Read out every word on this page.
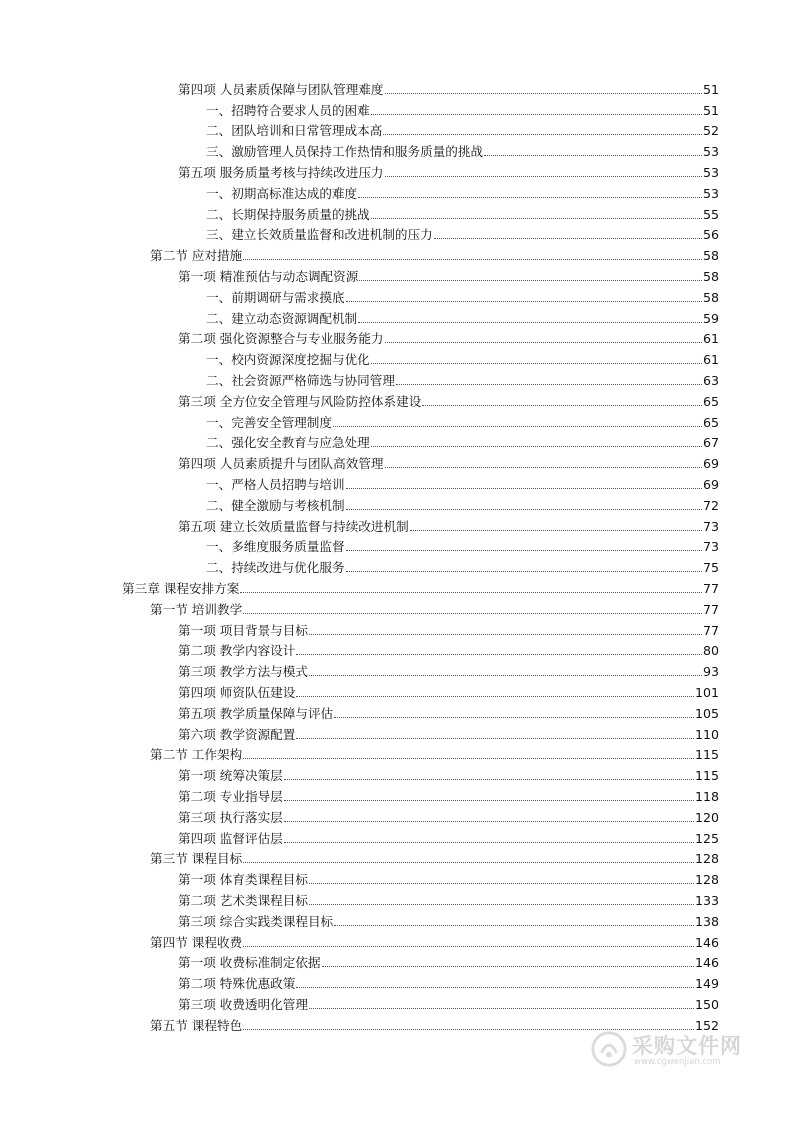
第四项 人员素质保障与团队管理难度	51
一、招聘符合要求人员的困难	51
二、团队培训和日常管理成本高	52
三、激励管理人员保持工作热情和服务质量的挑战	53
第五项 服务质量考核与持续改进压力	53
一、初期高标准达成的难度	53
二、长期保持服务质量的挑战	55
三、建立长效质量监督和改进机制的压力	56
第二节 应对措施	58
第一项 精准预估与动态调配资源	58
一、前期调研与需求摸底	58
二、建立动态资源调配机制	59
第二项 强化资源整合与专业服务能力	61
一、校内资源深度挖掘与优化	61
二、社会资源严格筛选与协同管理	63
第三项 全方位安全管理与风险防控体系建设	65
一、完善安全管理制度	65
二、强化安全教育与应急处理	67
第四项 人员素质提升与团队高效管理	69
一、严格人员招聘与培训	69
二、健全激励与考核机制	72
第五项 建立长效质量监督与持续改进机制	73
一、多维度服务质量监督	73
二、持续改进与优化服务	75
第三章 课程安排方案	77
第一节 培训教学	77
第一项 项目背景与目标	77
第二项 教学内容设计	80
第三项 教学方法与模式	93
第四项 师资队伍建设	101
第五项 教学质量保障与评估	105
第六项 教学资源配置	110
第二节 工作架构	115
第一项 统筹决策层	115
第二项 专业指导层	118
第三项 执行落实层	120
第四项 监督评估层	125
第三节 课程目标	128
第一项 体育类课程目标	128
第二项 艺术类课程目标	133
第三项 综合实践类课程目标	138
第四节 课程收费	146
第一项 收费标准制定依据	146
第二项 特殊优惠政策	149
第三项 收费透明化管理	150
第五节 课程特色	152
采购文件网
www.cgwenjian.com
